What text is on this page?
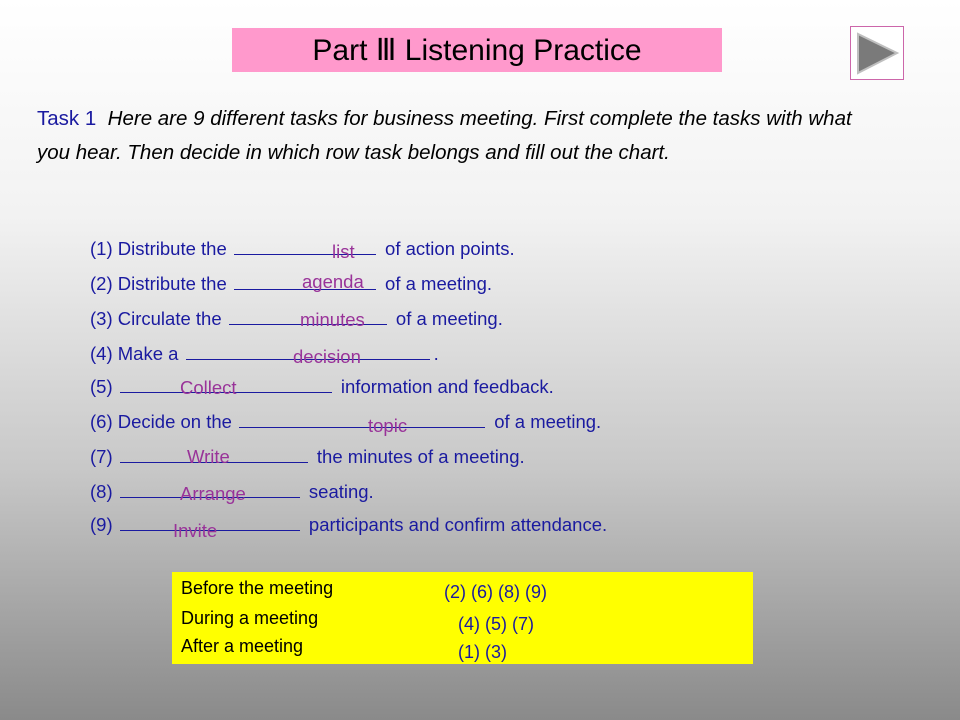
Part Ⅲ Listening Practice
Task 1 Here are 9 different tasks for business meeting. First complete the tasks with what you hear. Then decide in which row task belongs and fill out the chart.
(1) Distribute the	of action points.
list
(2) Distribute the	of a meeting.
agenda
(3) Circulate the	of a meeting.
minutes
(4) Make a	.
decision
(5)	information and feedback.
Collect
(6) Decide on the	of a meeting.
topic
(7)	the minutes of a meeting.
Write
(8)	seating.
Arrange
(9)	participants and confirm attendance.
Invite
Before the meeting	(2) (6) (8) (9)
During a meeting	(4) (5) (7)
After a meeting	(1) (3)
